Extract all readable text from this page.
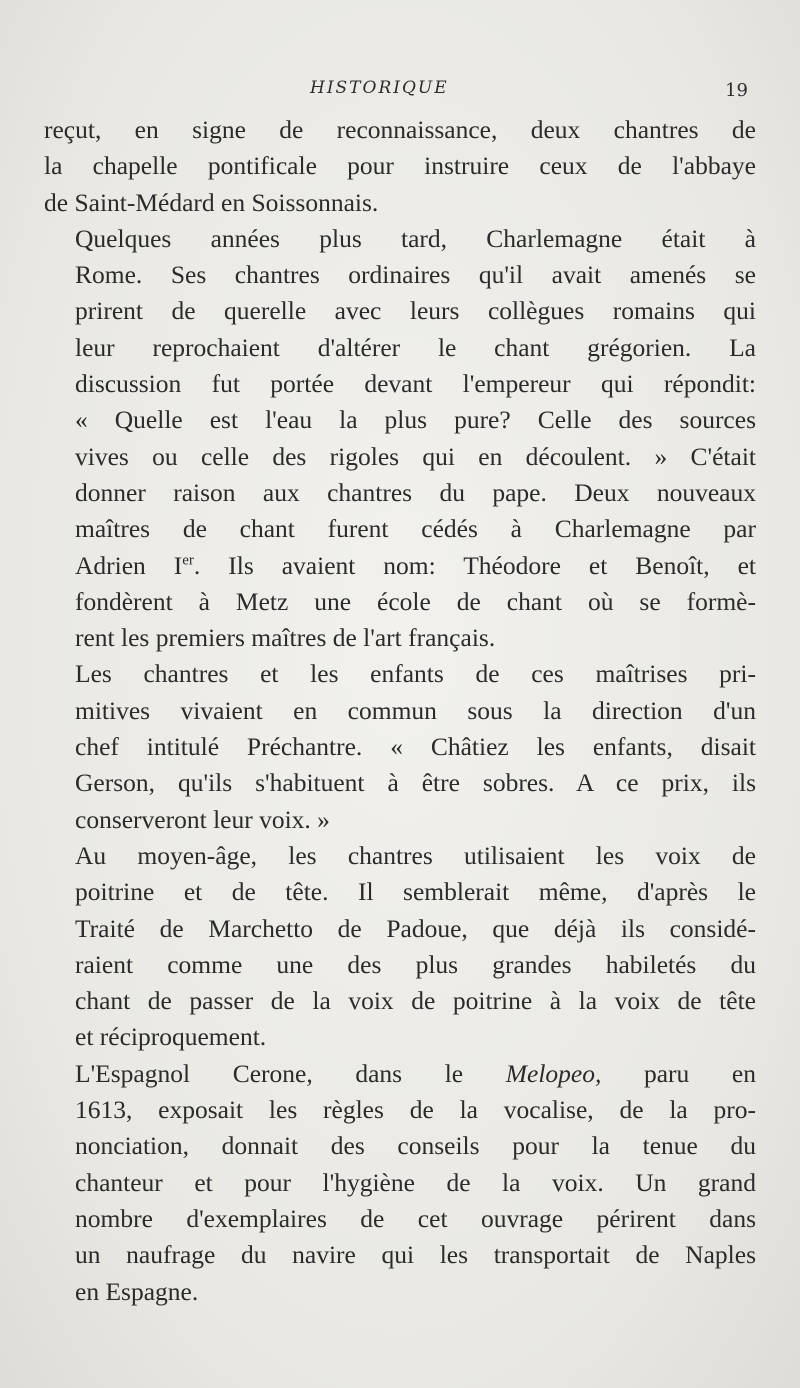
HISTORIQUE	19

reçut, en signe de reconnaissance, deux chantres de
la chapelle pontificale pour instruire ceux de l'abbaye
de Saint-Médard en Soissonnais.

Quelques années plus tard, Charlemagne était à
Rome. Ses chantres ordinaires qu'il avait amenés se
prirent de querelle avec leurs collègues romains qui
leur reprochaient d'altérer le chant grégorien. La
discussion fut portée devant l'empereur qui répondit:
« Quelle est l'eau la plus pure? Celle des sources
vives ou celle des rigoles qui en découlent. » C'était
donner raison aux chantres du pape. Deux nouveaux
maîtres de chant furent cédés à Charlemagne par
Adrien Ier. Ils avaient nom: Théodore et Benoît, et
fondèrent à Metz une école de chant où se formè-
rent les premiers maîtres de l'art français.

Les chantres et les enfants de ces maîtrises pri-
mitives vivaient en commun sous la direction d'un
chef intitulé Préchantre. « Châtiez les enfants, disait
Gerson, qu'ils s'habituent à être sobres. A ce prix, ils
conserveront leur voix. »

Au moyen-âge, les chantres utilisaient les voix de
poitrine et de tête. Il semblerait même, d'après le
Traité de Marchetto de Padoue, que déjà ils considé-
raient comme une des plus grandes habiletés du
chant de passer de la voix de poitrine à la voix de tête
et réciproquement.

L'Espagnol Cerone, dans le Melopeo, paru en
1613, exposait les règles de la vocalise, de la pro-
nonciation, donnait des conseils pour la tenue du
chanteur et pour l'hygiène de la voix. Un grand
nombre d'exemplaires de cet ouvrage périrent dans
un naufrage du navire qui les transportait de Naples
en Espagne.
